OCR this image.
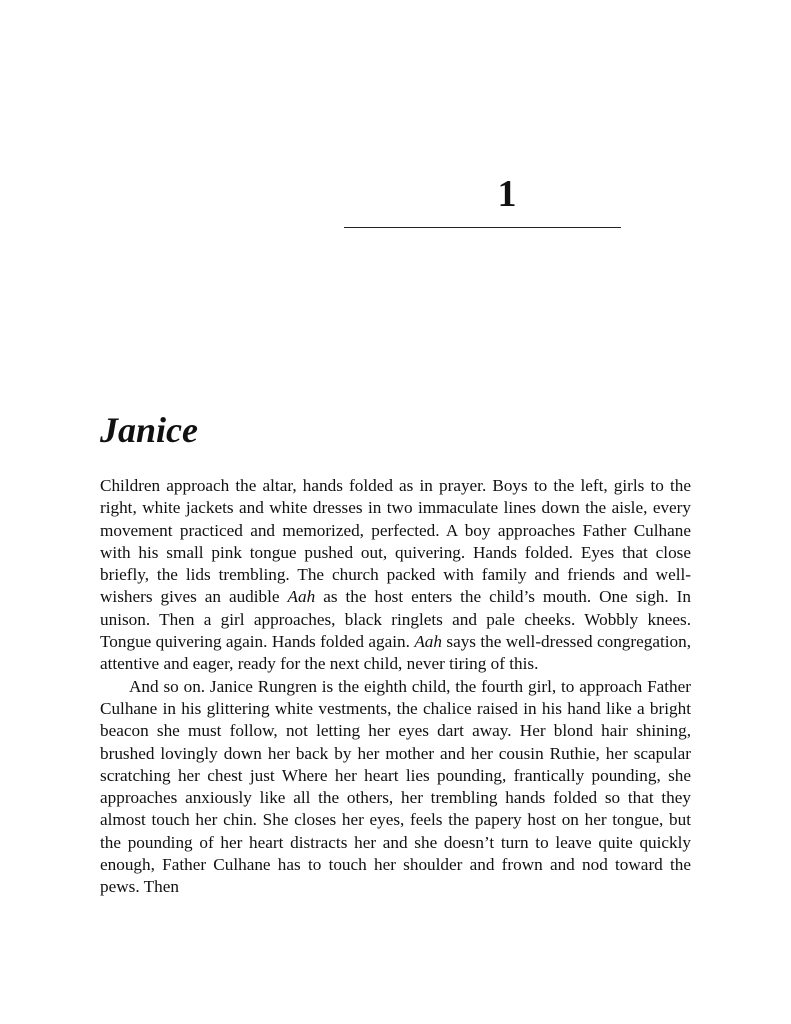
1
Janice

Children approach the altar, hands folded as in prayer. Boys to the left, girls to the right, white jackets and white dresses in two immaculate lines down the aisle, every movement practiced and memorized, perfected. A boy approaches Father Culhane with his small pink tongue pushed out, quivering. Hands folded. Eyes that close briefly, the lids trembling. The church packed with family and friends and well-wishers gives an audible Aah as the host enters the child’s mouth. One sigh. In unison. Then a girl approaches, black ringlets and pale cheeks. Wobbly knees. Tongue quivering again. Hands folded again. Aah says the well-dressed congregation, attentive and eager, ready for the next child, never tiring of this.

And so on. Janice Rungren is the eighth child, the fourth girl, to approach Father Culhane in his glittering white vestments, the chalice raised in his hand like a bright beacon she must follow, not letting her eyes dart away. Her blond hair shining, brushed lovingly down her back by her mother and her cousin Ruthie, her scapular scratching her chest just Where her heart lies pounding, frantically pounding, she approaches anxiously like all the others, her trembling hands folded so that they almost touch her chin. She closes her eyes, feels the papery host on her tongue, but the pounding of her heart distracts her and she doesn’t turn to leave quite quickly enough, Father Culhane has to touch her shoulder and frown and nod toward the pews. Then
